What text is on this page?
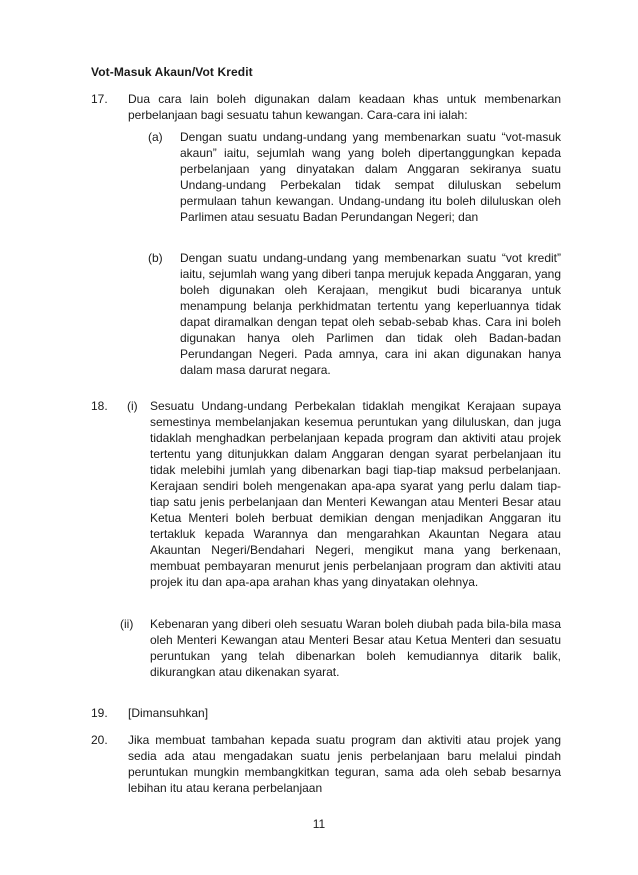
Vot-Masuk Akaun/Vot Kredit
17.	Dua cara lain boleh digunakan dalam keadaan khas untuk membenarkan perbelanjaan bagi sesuatu tahun kewangan. Cara-cara ini ialah:
(a) Dengan suatu undang-undang yang membenarkan suatu “vot-masuk akaun” iaitu, sejumlah wang yang boleh dipertanggungkan kepada perbelanjaan yang dinyatakan dalam Anggaran sekiranya suatu Undang-undang Perbekalan tidak sempat diluluskan sebelum permulaan tahun kewangan. Undang-undang itu boleh diluluskan oleh Parlimen atau sesuatu Badan Perundangan Negeri; dan
(b) Dengan suatu undang-undang yang membenarkan suatu “vot kredit” iaitu, sejumlah wang yang diberi tanpa merujuk kepada Anggaran, yang boleh digunakan oleh Kerajaan, mengikut budi bicaranya untuk menampung belanja perkhidmatan tertentu yang keperluannya tidak dapat diramalkan dengan tepat oleh sebab-sebab khas. Cara ini boleh digunakan hanya oleh Parlimen dan tidak oleh Badan-badan Perundangan Negeri. Pada amnya, cara ini akan digunakan hanya dalam masa darurat negara.
18.	(i)	Sesuatu Undang-undang Perbekalan tidaklah mengikat Kerajaan supaya semestinya membelanjakan kesemua peruntukan yang diluluskan, dan juga tidaklah menghadkan perbelanjaan kepada program dan aktiviti atau projek tertentu yang ditunjukkan dalam Anggaran dengan syarat perbelanjaan itu tidak melebihi jumlah yang dibenarkan bagi tiap-tiap maksud perbelanjaan. Kerajaan sendiri boleh mengenakan apa-apa syarat yang perlu dalam tiap-tiap satu jenis perbelanjaan dan Menteri Kewangan atau Menteri Besar atau Ketua Menteri boleh berbuat demikian dengan menjadikan Anggaran itu tertakluk kepada Warannya dan mengarahkan Akauntan Negara atau Akauntan Negeri/Bendahari Negeri, mengikut mana yang berkenaan, membuat pembayaran menurut jenis perbelanjaan program dan aktiviti atau projek itu dan apa-apa arahan khas yang dinyatakan olehnya.
(ii)	Kebenaran yang diberi oleh sesuatu Waran boleh diubah pada bila-bila masa oleh Menteri Kewangan atau Menteri Besar atau Ketua Menteri dan sesuatu peruntukan yang telah dibenarkan boleh kemudiannya ditarik balik, dikurangkan atau dikenakan syarat.
19.	[Dimansuhkan]
20.	Jika membuat tambahan kepada suatu program dan aktiviti atau projek yang sedia ada atau mengadakan suatu jenis perbelanjaan baru melalui pindah peruntukan mungkin membangkitkan teguran, sama ada oleh sebab besarnya lebihan itu atau kerana perbelanjaan
11
